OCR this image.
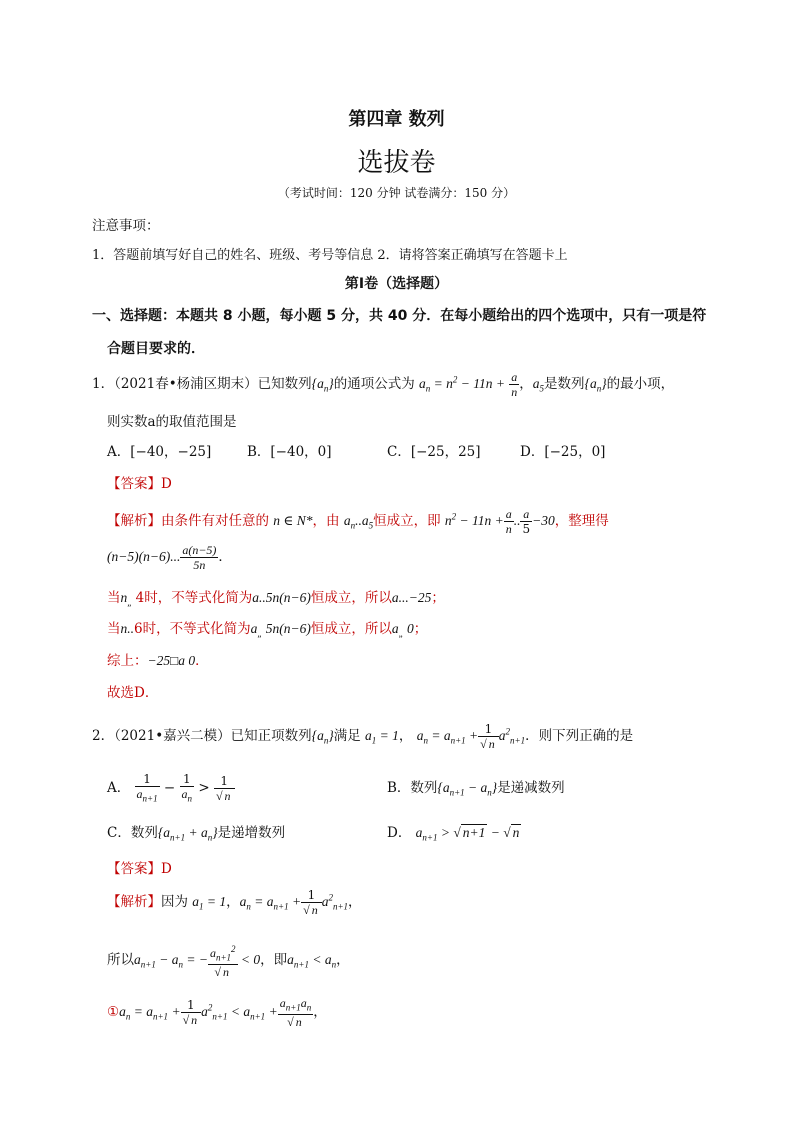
第四章 数列
选拔卷
（考试时间：120 分钟 试卷满分：150 分）
注意事项：
1．答题前填写好自己的姓名、班级、考号等信息 2．请将答案正确填写在答题卡上
第Ⅰ卷（选择题）
一、选择题：本题共 8 小题，每小题 5 分，共 40 分．在每小题给出的四个选项中，只有一项是符
合题目要求的．
1．（2021春•杨浦区期末）已知数列$\{a_n\}$的通项公式为 $a_n = n^2 - 11n + \frac{a}{n}$ ，$a_5$是数列$\{a_n\}$的最小项，
则实数a的取值范围是
A．[−40，−25]	B．[−40，0]	C．[−25，25]	D．[−25，0]
【答案】D
【解析】由条件有对任意的 n ∈ N*，由 $a_n..a_5$恒成立，即 $n^2 - 11n + \frac{a}{n}$ .. $\frac{a}{5} -30$，整理得
(n−5)(n−6)... $\frac{a(n-5)}{5n}$ ．
当$n_„$ 4时，不等式化简为a..5n(n−6)恒成立，所以a...−25；
当n..6时，不等式化简为$a_„$ 5n(n−6)恒成立，所以$a_„$ 0；
综上：−25□a 0．
故选D．
2．（2021•嘉兴二模）已知正项数列$\{a_n\}$满足 $a_1 = 1$， $a_n = a_{n+1} + \frac{1}{√ n} a^2_{n+1}$．则下列正确的是
A． $\frac{1}{a_{n+1}} - \frac{1}{a_n} > \frac{1}{√ n}$	B．数列$\{a_{n+1} - a_n\}$是递减数列
C．数列$\{a_{n+1} + a_n\}$是递增数列	D． $a_{n+1}$ > √ n+1 − √ n
【答案】D
【解析】因为 $a_1 = 1$，$a_n = a_{n+1} + \frac{1}{√ n} a^2_{n+1}$，
所以$a_{n+1} - a_n$ = − $\frac{a_{n+1}^2}{√ n} < 0$，即$a_{n+1} < a_n$，
$①a_n = a_{n+1} + \frac{1}{√ n} a^2_{n+1} < a_{n+1} + \frac{a_{n+1}a_n}{√ n}$ ，
